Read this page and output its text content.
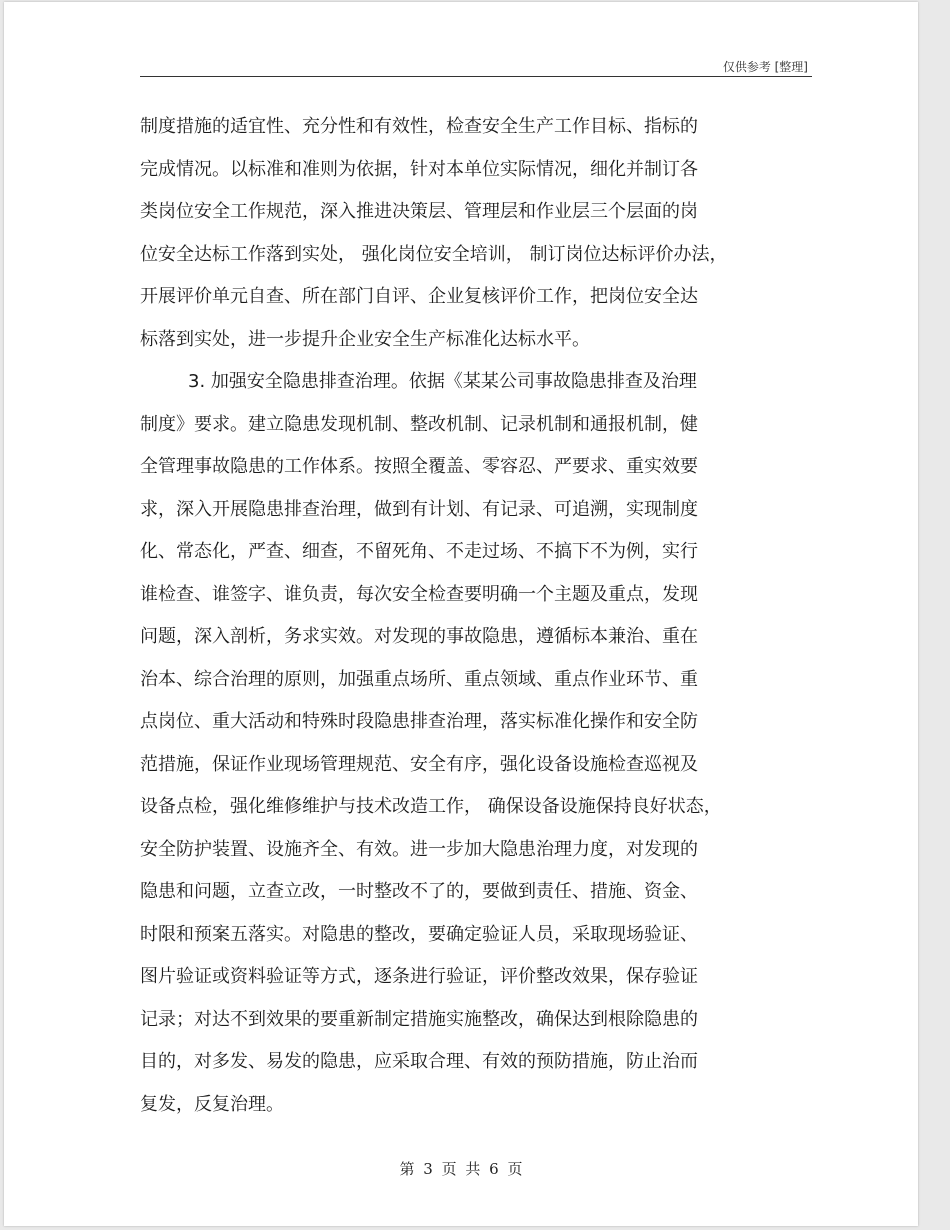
仅供参考 [整理]

制度措施的适宜性、充分性和有效性，检查安全生产工作目标、指标的
完成情况。以标准和准则为依据，针对本单位实际情况，细化并制订各
类岗位安全工作规范，深入推进决策层、管理层和作业层三个层面的岗
位安全达标工作落到实处， 强化岗位安全培训， 制订岗位达标评价办法，
开展评价单元自查、所在部门自评、企业复核评价工作，把岗位安全达
标落到实处，进一步提升企业安全生产标准化达标水平。

3. 加强安全隐患排查治理。依据《某某公司事故隐患排查及治理
制度》要求。建立隐患发现机制、整改机制、记录机制和通报机制，健
全管理事故隐患的工作体系。按照全覆盖、零容忍、严要求、重实效要
求，深入开展隐患排查治理，做到有计划、有记录、可追溯，实现制度
化、常态化，严查、细查，不留死角、不走过场、不搞下不为例，实行
谁检查、谁签字、谁负责，每次安全检查要明确一个主题及重点，发现
问题，深入剖析，务求实效。对发现的事故隐患，遵循标本兼治、重在
治本、综合治理的原则，加强重点场所、重点领域、重点作业环节、重
点岗位、重大活动和特殊时段隐患排查治理，落实标准化操作和安全防
范措施，保证作业现场管理规范、安全有序，强化设备设施检查巡视及
设备点检，强化维修维护与技术改造工作， 确保设备设施保持良好状态，
安全防护装置、设施齐全、有效。进一步加大隐患治理力度，对发现的
隐患和问题，立查立改，一时整改不了的，要做到责任、措施、资金、
时限和预案五落实。对隐患的整改，要确定验证人员，采取现场验证、
图片验证或资料验证等方式，逐条进行验证，评价整改效果，保存验证
记录；对达不到效果的要重新制定措施实施整改，确保达到根除隐患的
目的，对多发、易发的隐患，应采取合理、有效的预防措施，防止治而
复发，反复治理。

第 3 页 共 6 页
